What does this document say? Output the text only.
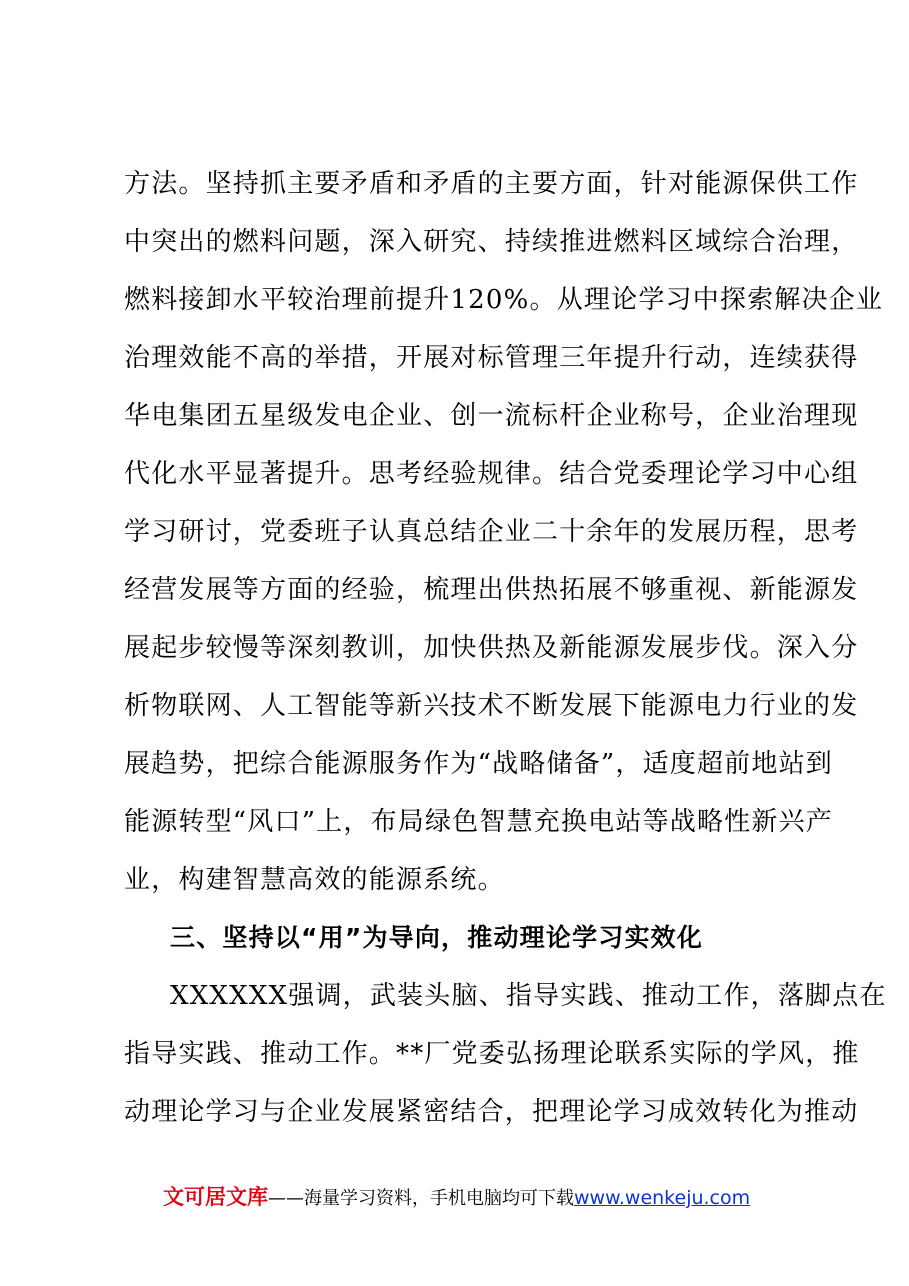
方法。坚持抓主要矛盾和矛盾的主要方面，针对能源保供工作
中突出的燃料问题，深入研究、持续推进燃料区域综合治理，
燃料接卸水平较治理前提升120%。从理论学习中探索解决企业
治理效能不高的举措，开展对标管理三年提升行动，连续获得
华电集团五星级发电企业、创一流标杆企业称号，企业治理现
代化水平显著提升。思考经验规律。结合党委理论学习中心组
学习研讨，党委班子认真总结企业二十余年的发展历程，思考
经营发展等方面的经验，梳理出供热拓展不够重视、新能源发
展起步较慢等深刻教训，加快供热及新能源发展步伐。深入分
析物联网、人工智能等新兴技术不断发展下能源电力行业的发
展趋势，把综合能源服务作为“战略储备”，适度超前地站到
能源转型“风口”上，布局绿色智慧充换电站等战略性新兴产
业，构建智慧高效的能源系统。
三、坚持以“用”为导向，推动理论学习实效化
XXXXXX强调，武装头脑、指导实践、推动工作，落脚点在
指导实践、推动工作。**厂党委弘扬理论联系实际的学风，推
动理论学习与企业发展紧密结合，把理论学习成效转化为推动
文可居文库——海量学习资料，手机电脑均可下载www.wenkeju.com
